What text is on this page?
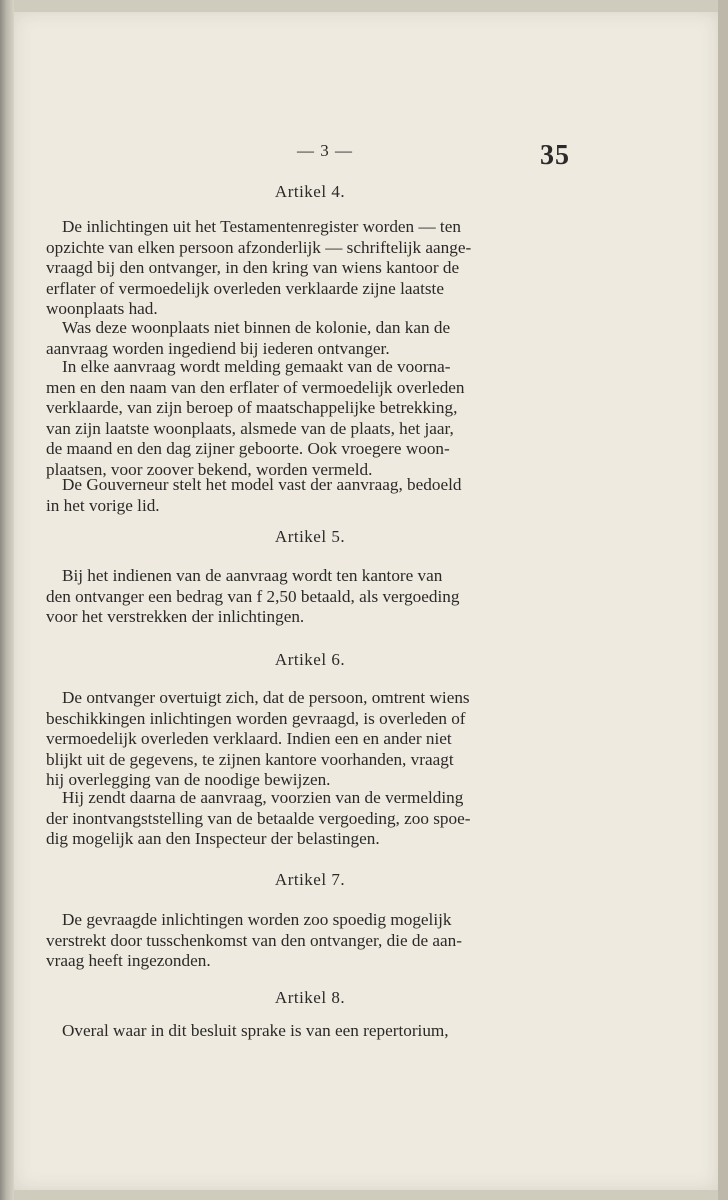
— 3 —	35
Artikel 4.
De inlichtingen uit het Testamentenregister worden — ten
opzichte van elken persoon afzonderlijk — schriftelijk aange-
vraagd bij den ontvanger, in den kring van wiens kantoor de
erflater of vermoedelijk overleden verklaarde zijne laatste
woonplaats had.
Was deze woonplaats niet binnen de kolonie, dan kan de
aanvraag worden ingediend bij iederen ontvanger.
In elke aanvraag wordt melding gemaakt van de voorna-
men en den naam van den erflater of vermoedelijk overleden
verklaarde, van zijn beroep of maatschappelijke betrekking,
van zijn laatste woonplaats, alsmede van de plaats, het jaar,
de maand en den dag zijner geboorte. Ook vroegere woon-
plaatsen, voor zoover bekend, worden vermeld.
De Gouverneur stelt het model vast der aanvraag, bedoeld
in het vorige lid.
Artikel 5.
Bij het indienen van de aanvraag wordt ten kantore van
den ontvanger een bedrag van f 2,50 betaald, als vergoeding
voor het verstrekken der inlichtingen.
Artikel 6.
De ontvanger overtuigt zich, dat de persoon, omtrent wiens
beschikkingen inlichtingen worden gevraagd, is overleden of
vermoedelijk overleden verklaard. Indien een en ander niet
blijkt uit de gegevens, te zijnen kantore voorhanden, vraagt
hij overlegging van de noodige bewijzen.
Hij zendt daarna de aanvraag, voorzien van de vermelding
der inontvangststelling van de betaalde vergoeding, zoo spoe-
dig mogelijk aan den Inspecteur der belastingen.
Artikel 7.
De gevraagde inlichtingen worden zoo spoedig mogelijk
verstrekt door tusschenkomst van den ontvanger, die de aan-
vraag heeft ingezonden.
Artikel 8.
Overal waar in dit besluit sprake is van een repertorium,
